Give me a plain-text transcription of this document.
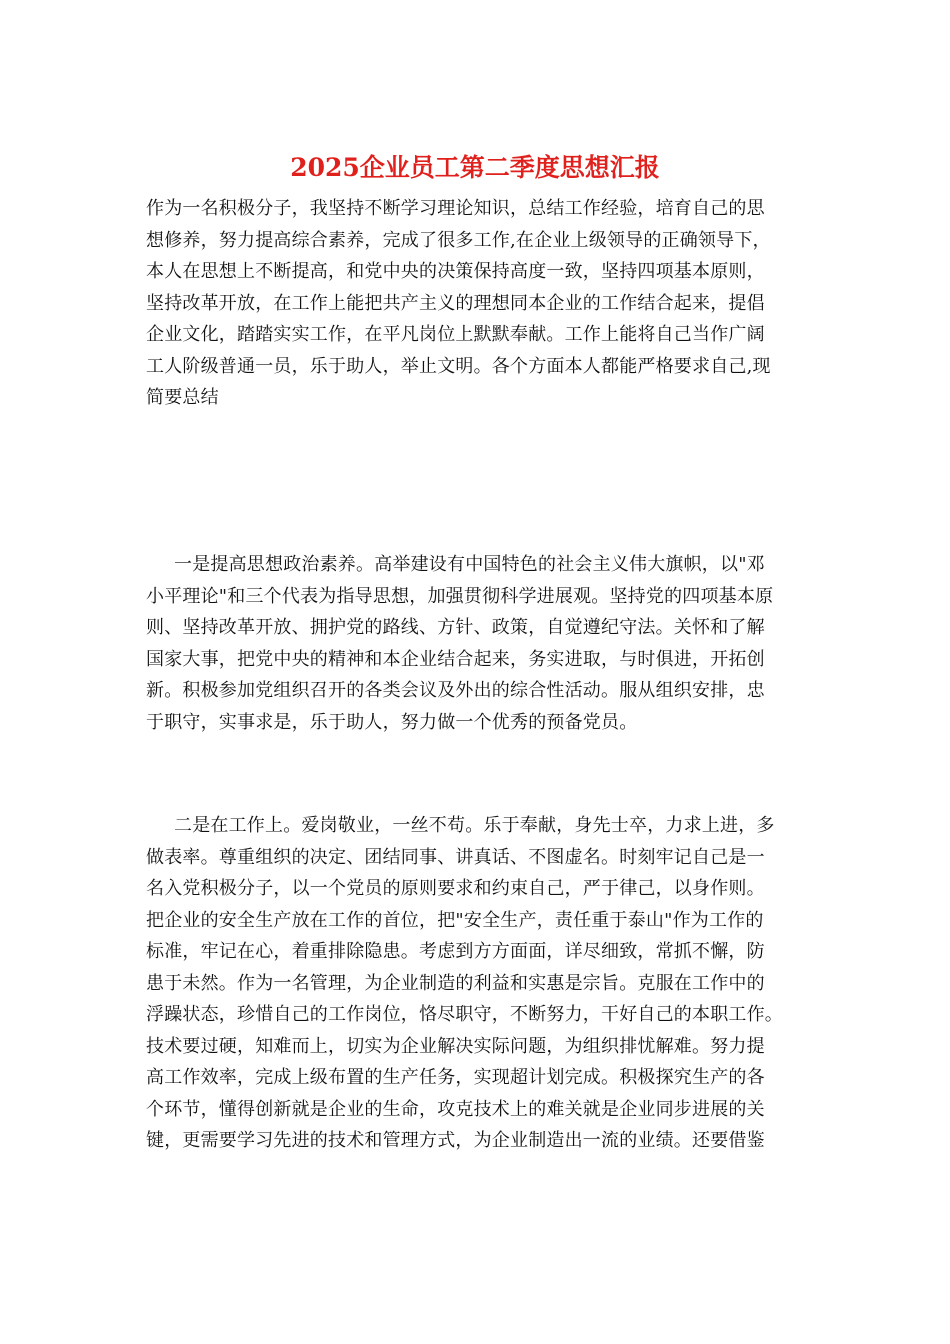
2025企业员工第二季度思想汇报
作为一名积极分子，我坚持不断学习理论知识，总结工作经验，培育自己的思
想修养，努力提高综合素养，完成了很多工作,在企业上级领导的正确领导下，
本人在思想上不断提高，和党中央的决策保持高度一致，坚持四项基本原则，
坚持改革开放，在工作上能把共产主义的理想同本企业的工作结合起来，提倡
企业文化，踏踏实实工作，在平凡岗位上默默奉献。工作上能将自己当作广阔
工人阶级普通一员，乐于助人，举止文明。各个方面本人都能严格要求自己,现
简要总结
一是提高思想政治素养。高举建设有中国特色的社会主义伟大旗帜，以"邓
小平理论"和三个代表为指导思想，加强贯彻科学进展观。坚持党的四项基本原
则、坚持改革开放、拥护党的路线、方针、政策，自觉遵纪守法。关怀和了解
国家大事，把党中央的精神和本企业结合起来，务实进取，与时俱进，开拓创
新。积极参加党组织召开的各类会议及外出的综合性活动。服从组织安排，忠
于职守，实事求是，乐于助人，努力做一个优秀的预备党员。
二是在工作上。爱岗敬业，一丝不苟。乐于奉献，身先士卒，力求上进，多
做表率。尊重组织的决定、团结同事、讲真话、不图虚名。时刻牢记自己是一
名入党积极分子，以一个党员的原则要求和约束自己，严于律己，以身作则。
把企业的安全生产放在工作的首位，把"安全生产，责任重于泰山"作为工作的
标准，牢记在心，着重排除隐患。考虑到方方面面，详尽细致，常抓不懈，防
患于未然。作为一名管理，为企业制造的利益和实惠是宗旨。克服在工作中的
浮躁状态，珍惜自己的工作岗位，恪尽职守，不断努力，干好自己的本职工作。
技术要过硬，知难而上，切实为企业解决实际问题，为组织排忧解难。努力提
高工作效率，完成上级布置的生产任务，实现超计划完成。积极探究生产的各
个环节，懂得创新就是企业的生命，攻克技术上的难关就是企业同步进展的关
键，更需要学习先进的技术和管理方式，为企业制造出一流的业绩。还要借鉴
